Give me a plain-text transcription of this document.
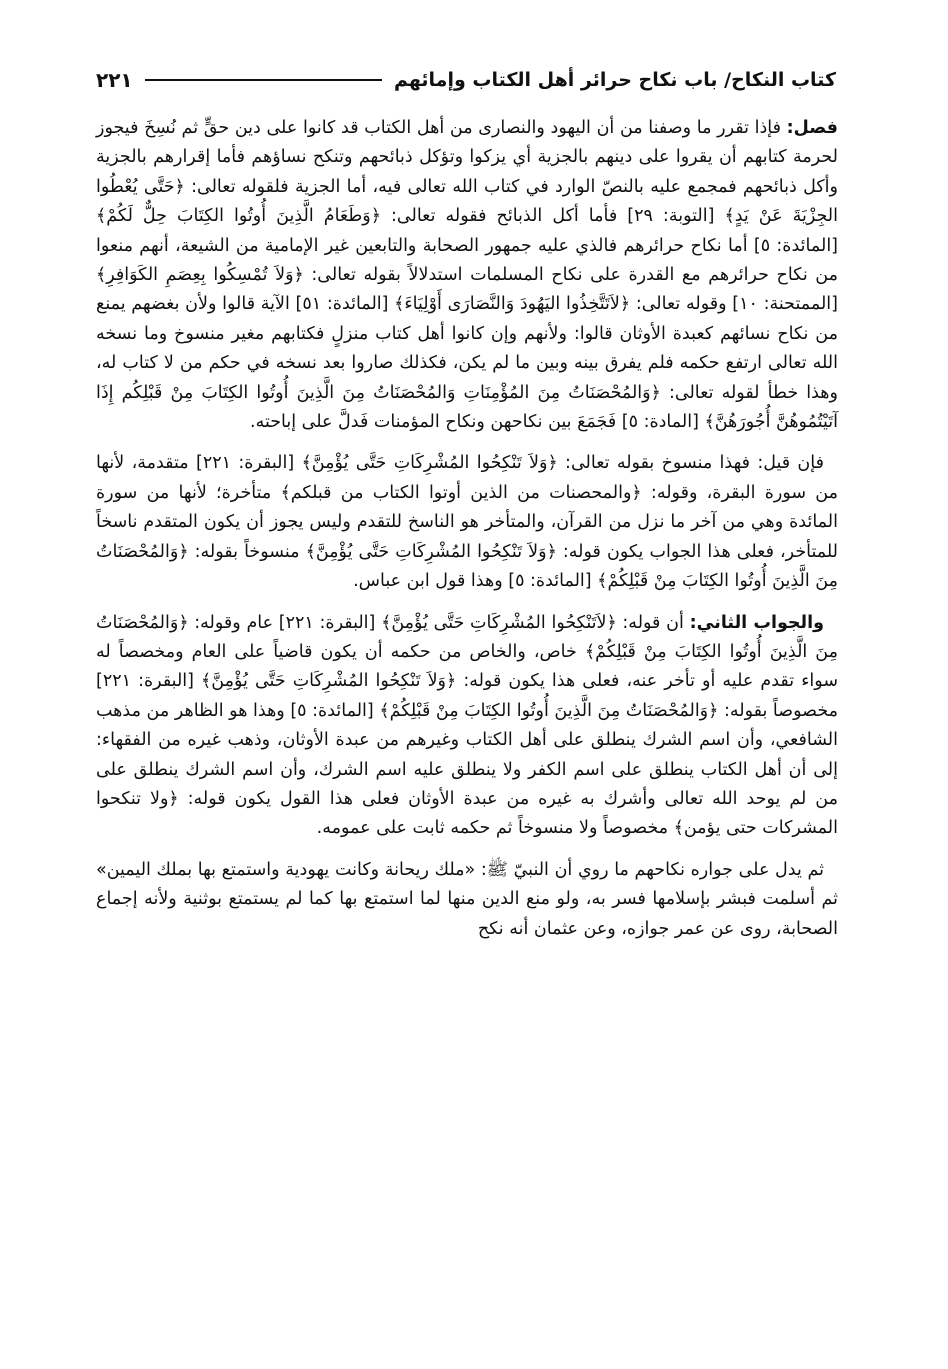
كتاب النكاح/ باب نكاح حرائر أهل الكتاب وإمائهم
٢٢١

فصل: فإذا تقرر ما وصفنا من أن اليهود والنصارى من أهل الكتاب قد كانوا على دين حقٍّ ثم نُسِخَ فيجوز لحرمة كتابهم أن يقروا على دينهم بالجزية أي يزكوا وتؤكل ذبائحهم وتنكح نساؤهم فأما إقرارهم بالجزية وأكل ذبائحهم فمجمع عليه بالنصّ الوارد في كتاب الله تعالى فيه، أما الجزية فلقوله تعالى: ﴿حَتَّى يُعْطُوا الجِزْيَةَ عَنْ يَدٍ﴾ [التوبة: ٢٩] فأما أكل الذبائح فقوله تعالى: ﴿وَطَعَامُ الَّذِينَ أُوتُوا الكِتَابَ حِلٌّ لَكُمْ﴾ [المائدة: ٥] أما نكاح حرائرهم فالذي عليه جمهور الصحابة والتابعين غير الإمامية من الشيعة، أنهم منعوا من نكاح حرائرهم مع القدرة على نكاح المسلمات استدلالاً بقوله تعالى: ﴿وَلاَ تُمْسِكُوا بِعِصَمِ الكَوَافِرِ﴾ [الممتحنة: ١٠] وقوله تعالى: ﴿لاَتَتَّخِذُوا اليَهُودَ وَالنَّصَارَى أَوْلِيَاءَ﴾ [المائدة: ٥١] الآية قالوا ولأن بغضهم يمنع من نكاح نسائهم كعبدة الأوثان قالوا: ولأنهم وإن كانوا أهل كتاب منزلٍ فكتابهم مغير منسوخ وما نسخه الله تعالى ارتفع حكمه فلم يفرق بينه وبين ما لم يكن، فكذلك صاروا بعد نسخه في حكم من لا كتاب له، وهذا خطأ لقوله تعالى: ﴿وَالمُحْصَنَاتُ مِنَ المُؤْمِنَاتِ وَالمُحْصَنَاتُ مِنَ الَّذِينَ أُوتُوا الكِتَابَ مِنْ قَبْلِكُم إِذَا آتَيْتُمُوهُنَّ أُجُورَهُنَّ﴾ [المادة: ٥] فَجَمَعَ بين نكاحهن ونكاح المؤمنات فَدلَّ على إباحته.

فإن قيل: فهذا منسوخ بقوله تعالى: ﴿وَلاَ تَنْكِحُوا المُشْرِكَاتِ حَتَّى يُؤْمِنَّ﴾ [البقرة: ٢٢١] متقدمة، لأنها من سورة البقرة، وقوله: ﴿والمحصنات من الذين أوتوا الكتاب من قبلكم﴾ متأخرة؛ لأنها من سورة المائدة وهي من آخر ما نزل من القرآن، والمتأخر هو الناسخ للتقدم وليس يجوز أن يكون المتقدم ناسخاً للمتأخر، فعلى هذا الجواب يكون قوله: ﴿وَلاَ تَنْكِحُوا المُشْرِكَاتِ حَتَّى يُؤْمِنَّ﴾ منسوخاً بقوله: ﴿وَالمُحْصَنَاتُ مِنَ الَّذِينَ أُوتُوا الكِتَابَ مِنْ قَبْلِكُمْ﴾ [المائدة: ٥] وهذا قول ابن عباس.

والجواب الثاني: أن قوله: ﴿لاَتَنْكِحُوا المُشْرِكَاتِ حَتَّى يُؤْمِنَّ﴾ [البقرة: ٢٢١] عام وقوله: ﴿وَالمُحْصَنَاتُ مِنَ الَّذِينَ أُوتُوا الكِتَابَ مِنْ قَبْلِكُمْ﴾ خاص، والخاص من حكمه أن يكون قاضياً على العام ومخصصاً له سواء تقدم عليه أو تأخر عنه، فعلى هذا يكون قوله: ﴿وَلاَ تَنْكِحُوا المُشْرِكَاتِ حَتَّى يُؤْمِنَّ﴾ [البقرة: ٢٢١] مخصوصاً بقوله: ﴿وَالمُحْصَنَاتُ مِنَ الَّذِينَ أُوتُوا الكِتَابَ مِنْ قَبْلِكُمْ﴾ [المائدة: ٥] وهذا هو الظاهر من مذهب الشافعي، وأن اسم الشرك ينطلق على أهل الكتاب وغيرهم من عبدة الأوثان، وذهب غيره من الفقهاء: إلى أن أهل الكتاب ينطلق على اسم الكفر ولا ينطلق عليه اسم الشرك، وأن اسم الشرك ينطلق على من لم يوحد الله تعالى وأشرك به غيره من عبدة الأوثان فعلى هذا القول يكون قوله: ﴿ولا تنكحوا المشركات حتى يؤمن﴾ مخصوصاً ولا منسوخاً ثم حكمه ثابت على عمومه.

ثم يدل على جواره نكاحهم ما روي أن النبيّ ﷺ: «ملك ريحانة وكانت يهودية واستمتع بها بملك اليمين» ثم أسلمت فبشر بإسلامها فسر به، ولو منع الدين منها لما استمتع بها كما لم يستمتع بوثنية ولأنه إجماع الصحابة، روى عن عمر جوازه، وعن عثمان أنه نكح
